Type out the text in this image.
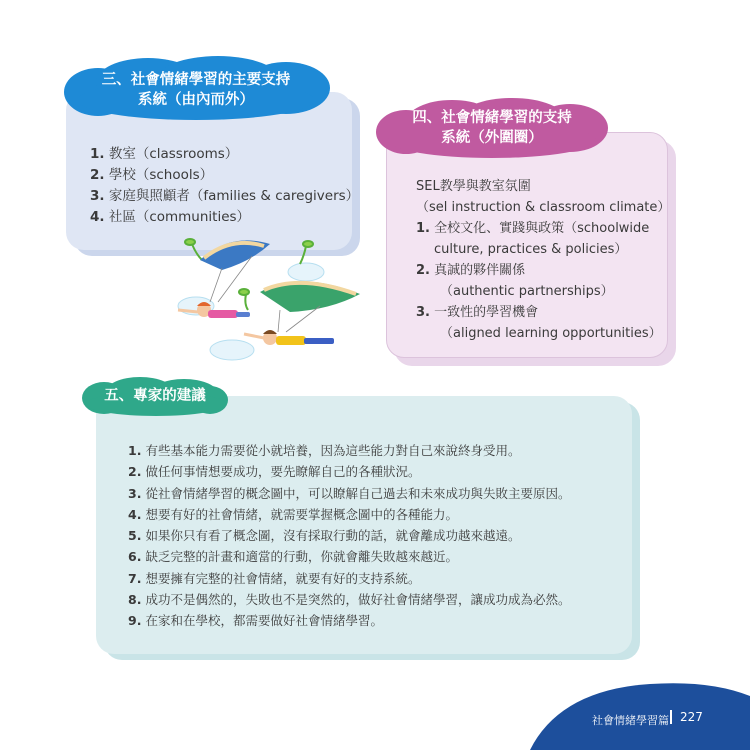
三、社會情緒學習的主要支持
系統（由內而外）
1. 教室（classrooms）
2. 學校（schools）
3. 家庭與照顧者（families & caregivers）
4. 社區（communities）
四、社會情緒學習的支持
系統（外圍圈）
SEL教學與教室氛圍
（sel instruction & classroom climate）
1. 全校文化、實踐與政策（schoolwide
culture, practices & policies）
2. 真誠的夥伴關係
（authentic partnerships）
3. 一致性的學習機會
（aligned learning opportunities）
五、專家的建議
1. 有些基本能力需要從小就培養，因為這些能力對自己來說終身受用。
2. 做任何事情想要成功，要先瞭解自己的各種狀況。
3. 從社會情緒學習的概念圖中，可以瞭解自己過去和未來成功與失敗主要原因。
4. 想要有好的社會情緒，就需要掌握概念圖中的各種能力。
5. 如果你只有看了概念圖，沒有採取行動的話，就會離成功越來越遠。
6. 缺乏完整的計畫和適當的行動，你就會離失敗越來越近。
7. 想要擁有完整的社會情緒，就要有好的支持系統。
8. 成功不是偶然的，失敗也不是突然的，做好社會情緒學習，讓成功成為必然。
9. 在家和在學校，都需要做好社會情緒學習。
社會情緒學習篇 227
